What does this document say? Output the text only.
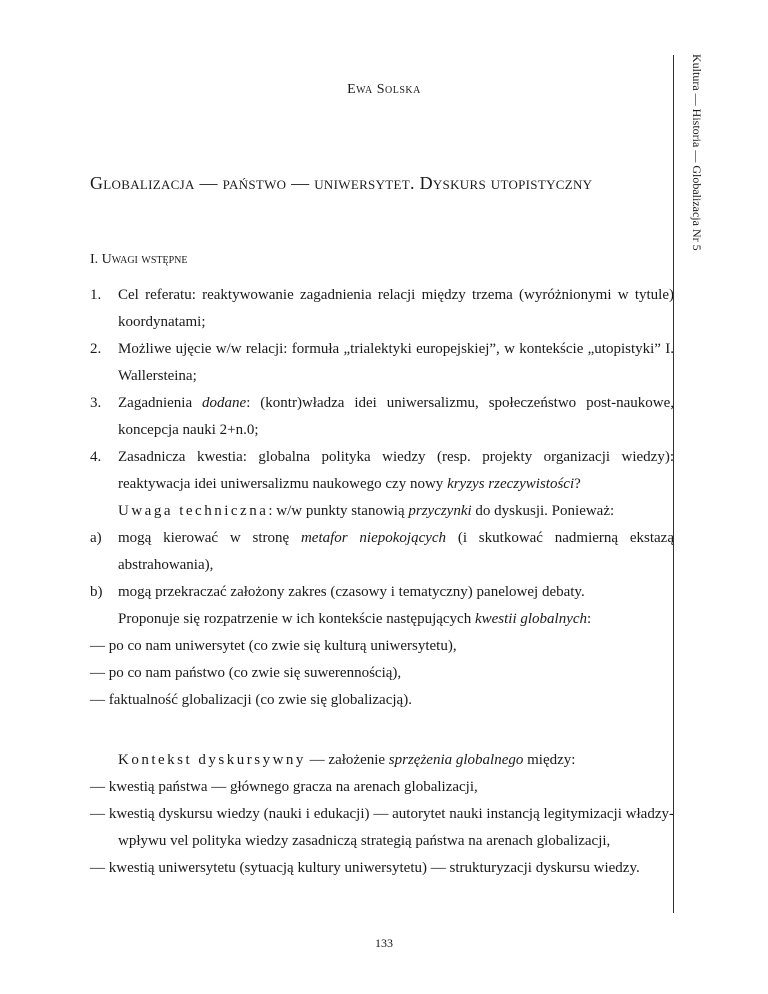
Ewa Solska
Globalizacja — państwo — uniwersytet. Dyskurs utopistyczny
I. Uwagi wstępne
1.	Cel referatu: reaktywowanie zagadnienia relacji między trzema (wyróżnionymi w tytule) koordynatami;
2.	Możliwe ujęcie w/w relacji: formuła „trialektyki europejskiej”, w kontekście „utopistyki” I. Wallersteina;
3.	Zagadnienia dodane: (kontr)władza idei uniwersalizmu, społeczeństwo post-naukowe, koncepcja nauki 2+n.0;
4.	Zasadnicza kwestia: globalna polityka wiedzy (resp. projekty organizacji wiedzy): reaktywacja idei uniwersalizmu naukowego czy nowy kryzys rzeczywistości?
Uwaga techniczna: w/w punkty stanowią przyczynki do dyskusji. Ponieważ:
a)	mogą kierować w stronę metafor niepokojących (i skutkować nadmierną ekstazą abstrahowania),
b)	mogą przekraczać założony zakres (czasowy i tematyczny) panelowej debaty.
Proponuje się rozpatrzenie w ich kontekście następujących kwestii globalnych:
— po co nam uniwersytet (co zwie się kulturą uniwersytetu),
— po co nam państwo (co zwie się suwerennością),
— faktualność globalizacji (co zwie się globalizacją).
Kontekst dyskursywny — założenie sprzężenia globalnego między:
— kwestią państwa — głównego gracza na arenach globalizacji,
— kwestią dyskursu wiedzy (nauki i edukacji) — autorytet nauki instancją legitymizacji władzy-wpływu vel polityka wiedzy zasadniczą strategią państwa na arenach globalizacji,
— kwestią uniwersytetu (sytuacją kultury uniwersytetu) — strukturyzacji dyskursu wiedzy.
Kultura — Historia — Globalizacja Nr 5
133
